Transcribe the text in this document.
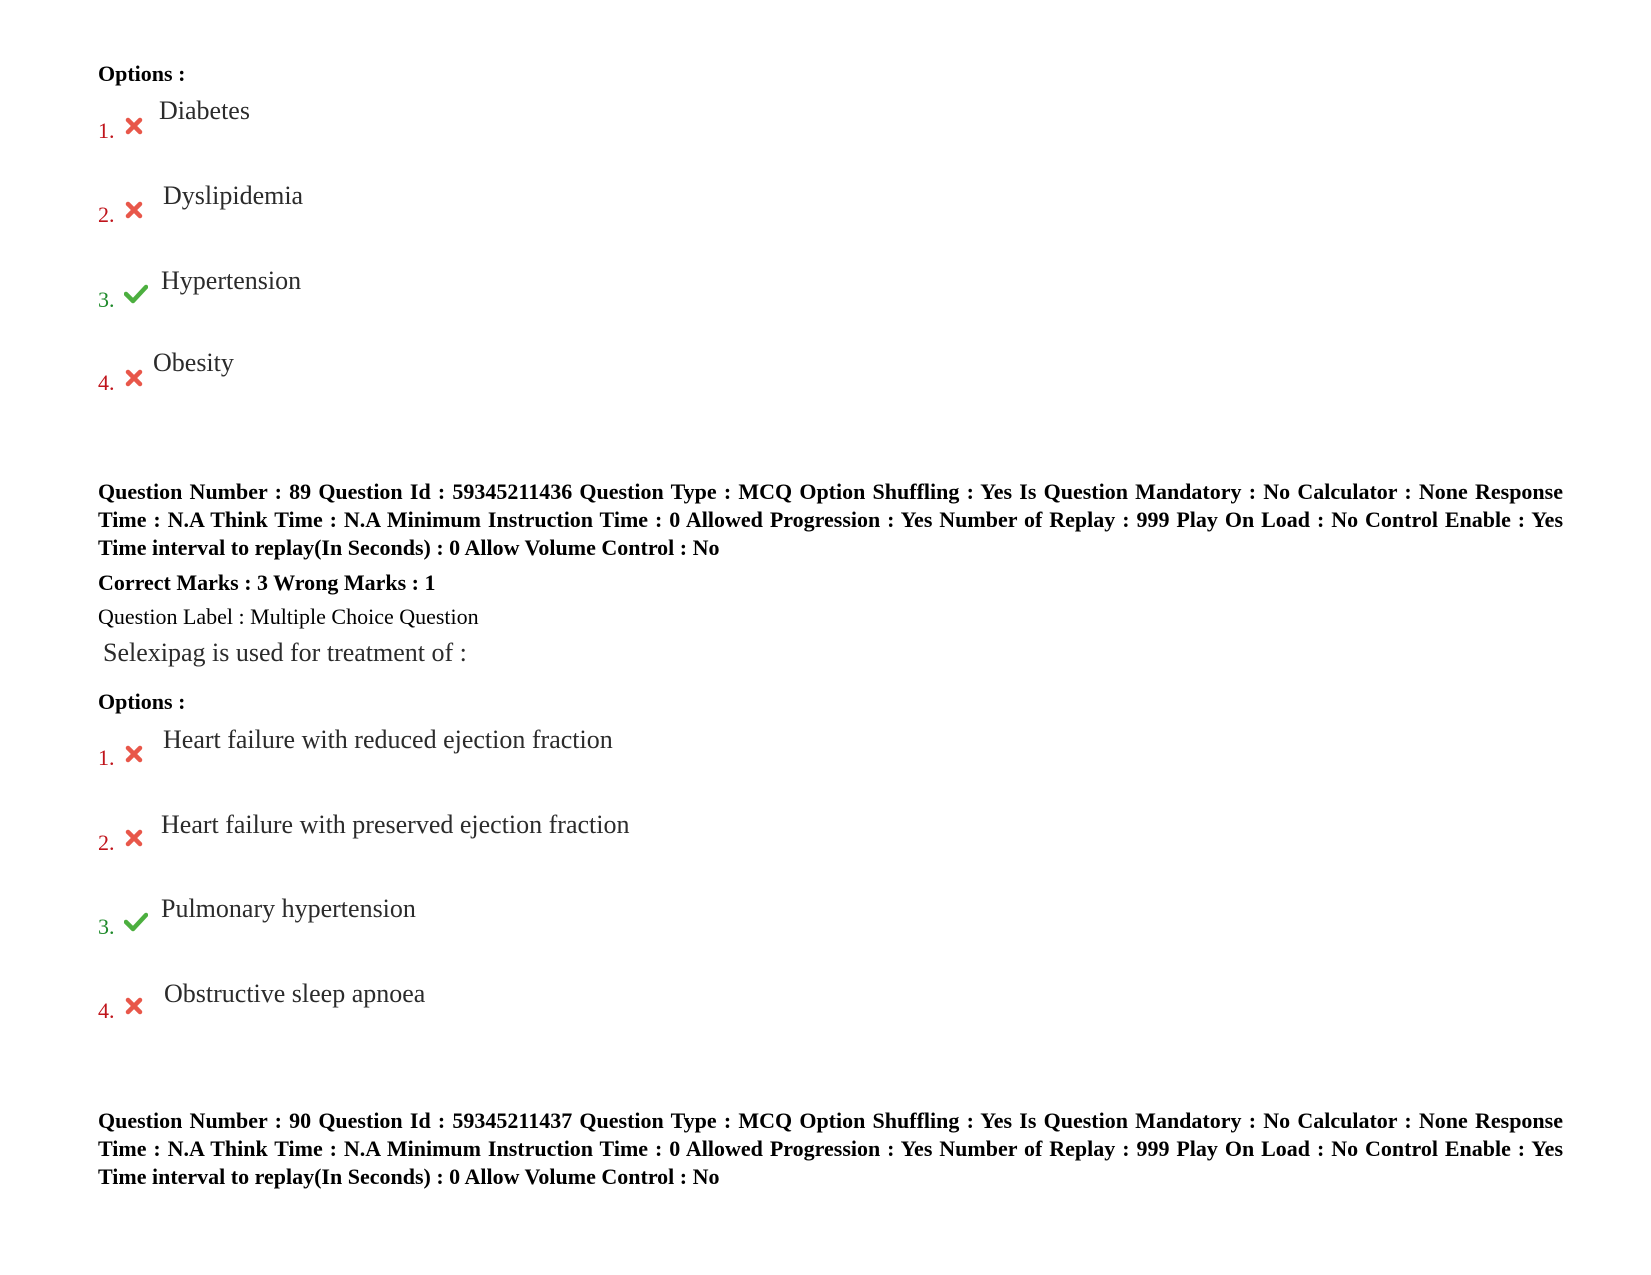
Options :
1.
Diabetes
2.
Dyslipidemia
3.
Hypertension
4.
Obesity
Question Number : 89 Question Id : 59345211436 Question Type : MCQ Option Shuffling : Yes Is Question Mandatory : No Calculator : None Response Time : N.A Think Time : N.A Minimum Instruction Time : 0 Allowed Progression : Yes Number of Replay : 999 Play On Load : No Control Enable : Yes Time interval to replay(In Seconds) : 0 Allow Volume Control : No
Correct Marks : 3 Wrong Marks : 1
Question Label : Multiple Choice Question
Selexipag is used for treatment of :
Options :
1.
Heart failure with reduced ejection fraction
2.
Heart failure with preserved ejection fraction
3.
Pulmonary hypertension
4.
Obstructive sleep apnoea
Question Number : 90 Question Id : 59345211437 Question Type : MCQ Option Shuffling : Yes Is Question Mandatory : No Calculator : None Response Time : N.A Think Time : N.A Minimum Instruction Time : 0 Allowed Progression : Yes Number of Replay : 999 Play On Load : No Control Enable : Yes Time interval to replay(In Seconds) : 0 Allow Volume Control : No
